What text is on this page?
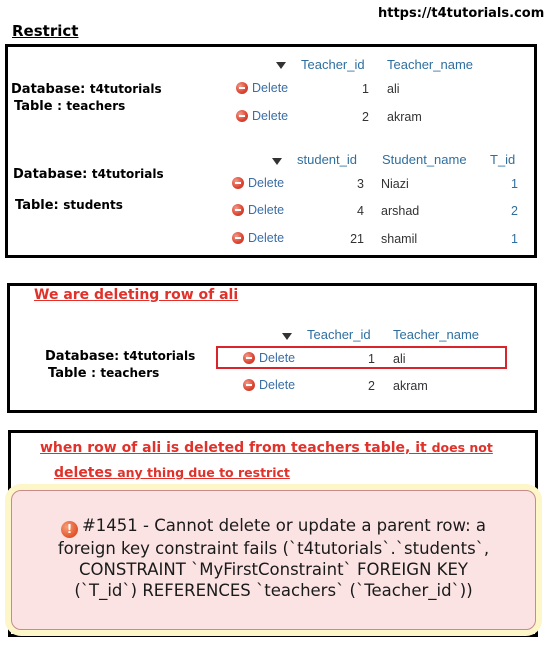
https://t4tutorials.com
Restrict
Database: t4tutorials
Table : teachers
Teacher_id Teacher_name
Delete	1 ali
Delete	2 akram
Database: t4tutorials
Table: students
student_id Student_name T_id
Delete	3 Niazi	1
Delete	4 arshad	2
Delete	21 shamil	1
We are deleting row of ali
Database: t4tutorials
Table : teachers
Teacher_id Teacher_name
Delete	1 ali
Delete	2 akram
when row of ali is deleted from teachers table, it does not
deletes any thing due to restrict
! #1451 - Cannot delete or update a parent row: a
foreign key constraint fails (`t4tutorials`.`students`,
CONSTRAINT `MyFirstConstraint` FOREIGN KEY
(`T_id`) REFERENCES `teachers` (`Teacher_id`))
